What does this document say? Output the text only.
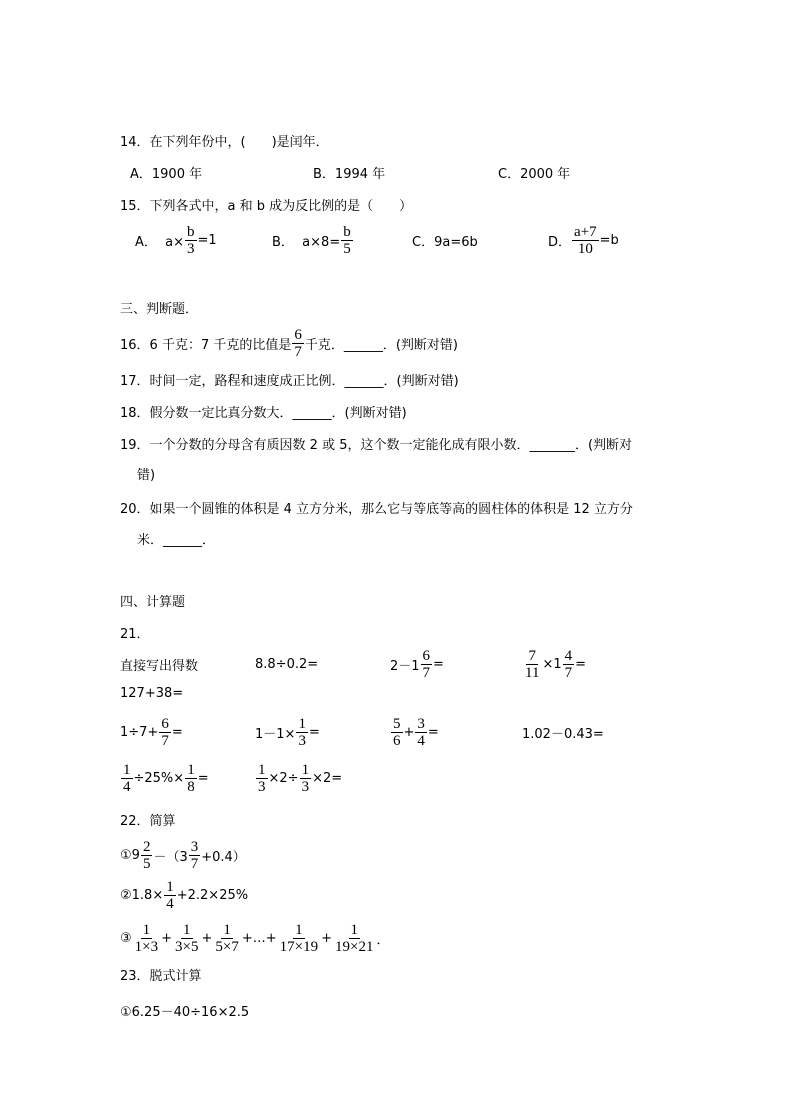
14．在下列年份中，(　　)是闰年．
A．1900 年	B．1994 年	C．2000 年
15．下列各式中，a 和 b 成为反比例的是（　　）
A．  $a\times \frac{b}{3} =1$	B．  $a\times 8= \frac{b}{5}$	C．9a=6b	D． $\frac{a+7}{10} =b$
三、判断题．
16．6 千克：7 千克的比值是 $\frac{6}{7}$ 千克．______．(判断对错)
17．时间一定，路程和速度成正比例．______．(判断对错)
18．假分数一定比真分数大．______．(判断对错)
19．一个分数的分母含有质因数 2 或 5，这个数一定能化成有限小数．_______．(判断对
错)
20．如果一个圆锥的体积是 4 立方分米，那么它与等底等高的圆柱体的体积是 12 立方分
米．______．
四、计算题
21．
直接写出得数	8.8÷0.2=	$2-1 \frac{6}{7}$ =	$\frac{7}{11} \times 1 \frac{4}{7}$ =
127+38=
$1\div 7+ \frac{6}{7}$ =	$1-1\times \frac{1}{3}$ =	$\frac{5}{6} + \frac{3}{4}$ =	1.02－0.43=
$\frac{1}{4} \div 25\%\times \frac{1}{8}$ =	$\frac{1}{3} \times 2\div \frac{1}{3} \times 2=$
22．简算
①9 $\frac{2}{5} -(3 \frac{3}{7} +0.4)$
②1.8× $\frac{1}{4} +2.2\times 25\%$
③ $\frac{1}{1\times 3} + \frac{1}{3\times 5} + \frac{1}{5\times 7}$ +…+ $\frac{1}{17\times 19} + \frac{1}{19\times 21}$ ．
23．脱式计算
①6.25－40÷16×2.5
